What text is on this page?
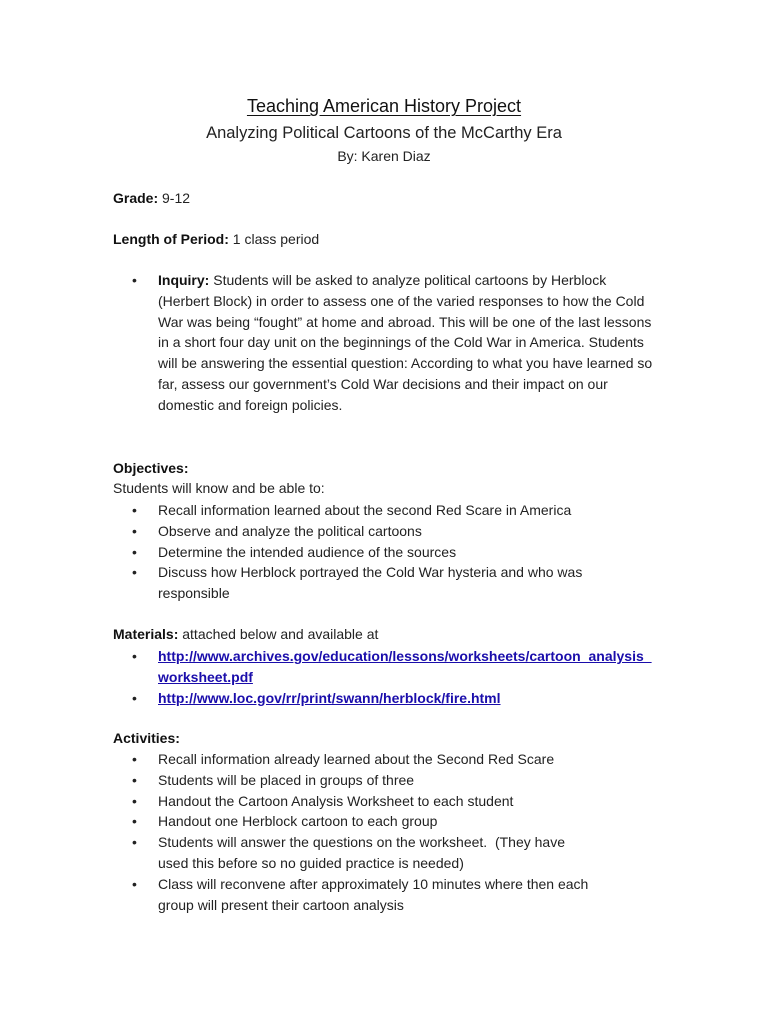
Teaching American History Project
Analyzing Political Cartoons of the McCarthy Era
By: Karen Diaz
Grade: 9-12
Length of Period: 1 class period
•	Inquiry: Students will be asked to analyze political cartoons by Herblock (Herbert Block) in order to assess one of the varied responses to how the Cold War was being “fought” at home and abroad. This will be one of the last lessons in a short four day unit on the beginnings of the Cold War in America. Students will be answering the essential question: According to what you have learned so far, assess our government’s Cold War decisions and their impact on our domestic and foreign policies.
Objectives:
Students will know and be able to:
• Recall information learned about the second Red Scare in America
• Observe and analyze the political cartoons
• Determine the intended audience of the sources
• Discuss how Herblock portrayed the Cold War hysteria and who was responsible
Materials: attached below and available at
• http://www.archives.gov/education/lessons/worksheets/cartoon_analysis_worksheet.pdf
• http://www.loc.gov/rr/print/swann/herblock/fire.html
Activities:
• Recall information already learned about the Second Red Scare
• Students will be placed in groups of three
• Handout the Cartoon Analysis Worksheet to each student
• Handout one Herblock cartoon to each group
• Students will answer the questions on the worksheet.  (They have used this before so no guided practice is needed)
• Class will reconvene after approximately 10 minutes where then each group will present their cartoon analysis
